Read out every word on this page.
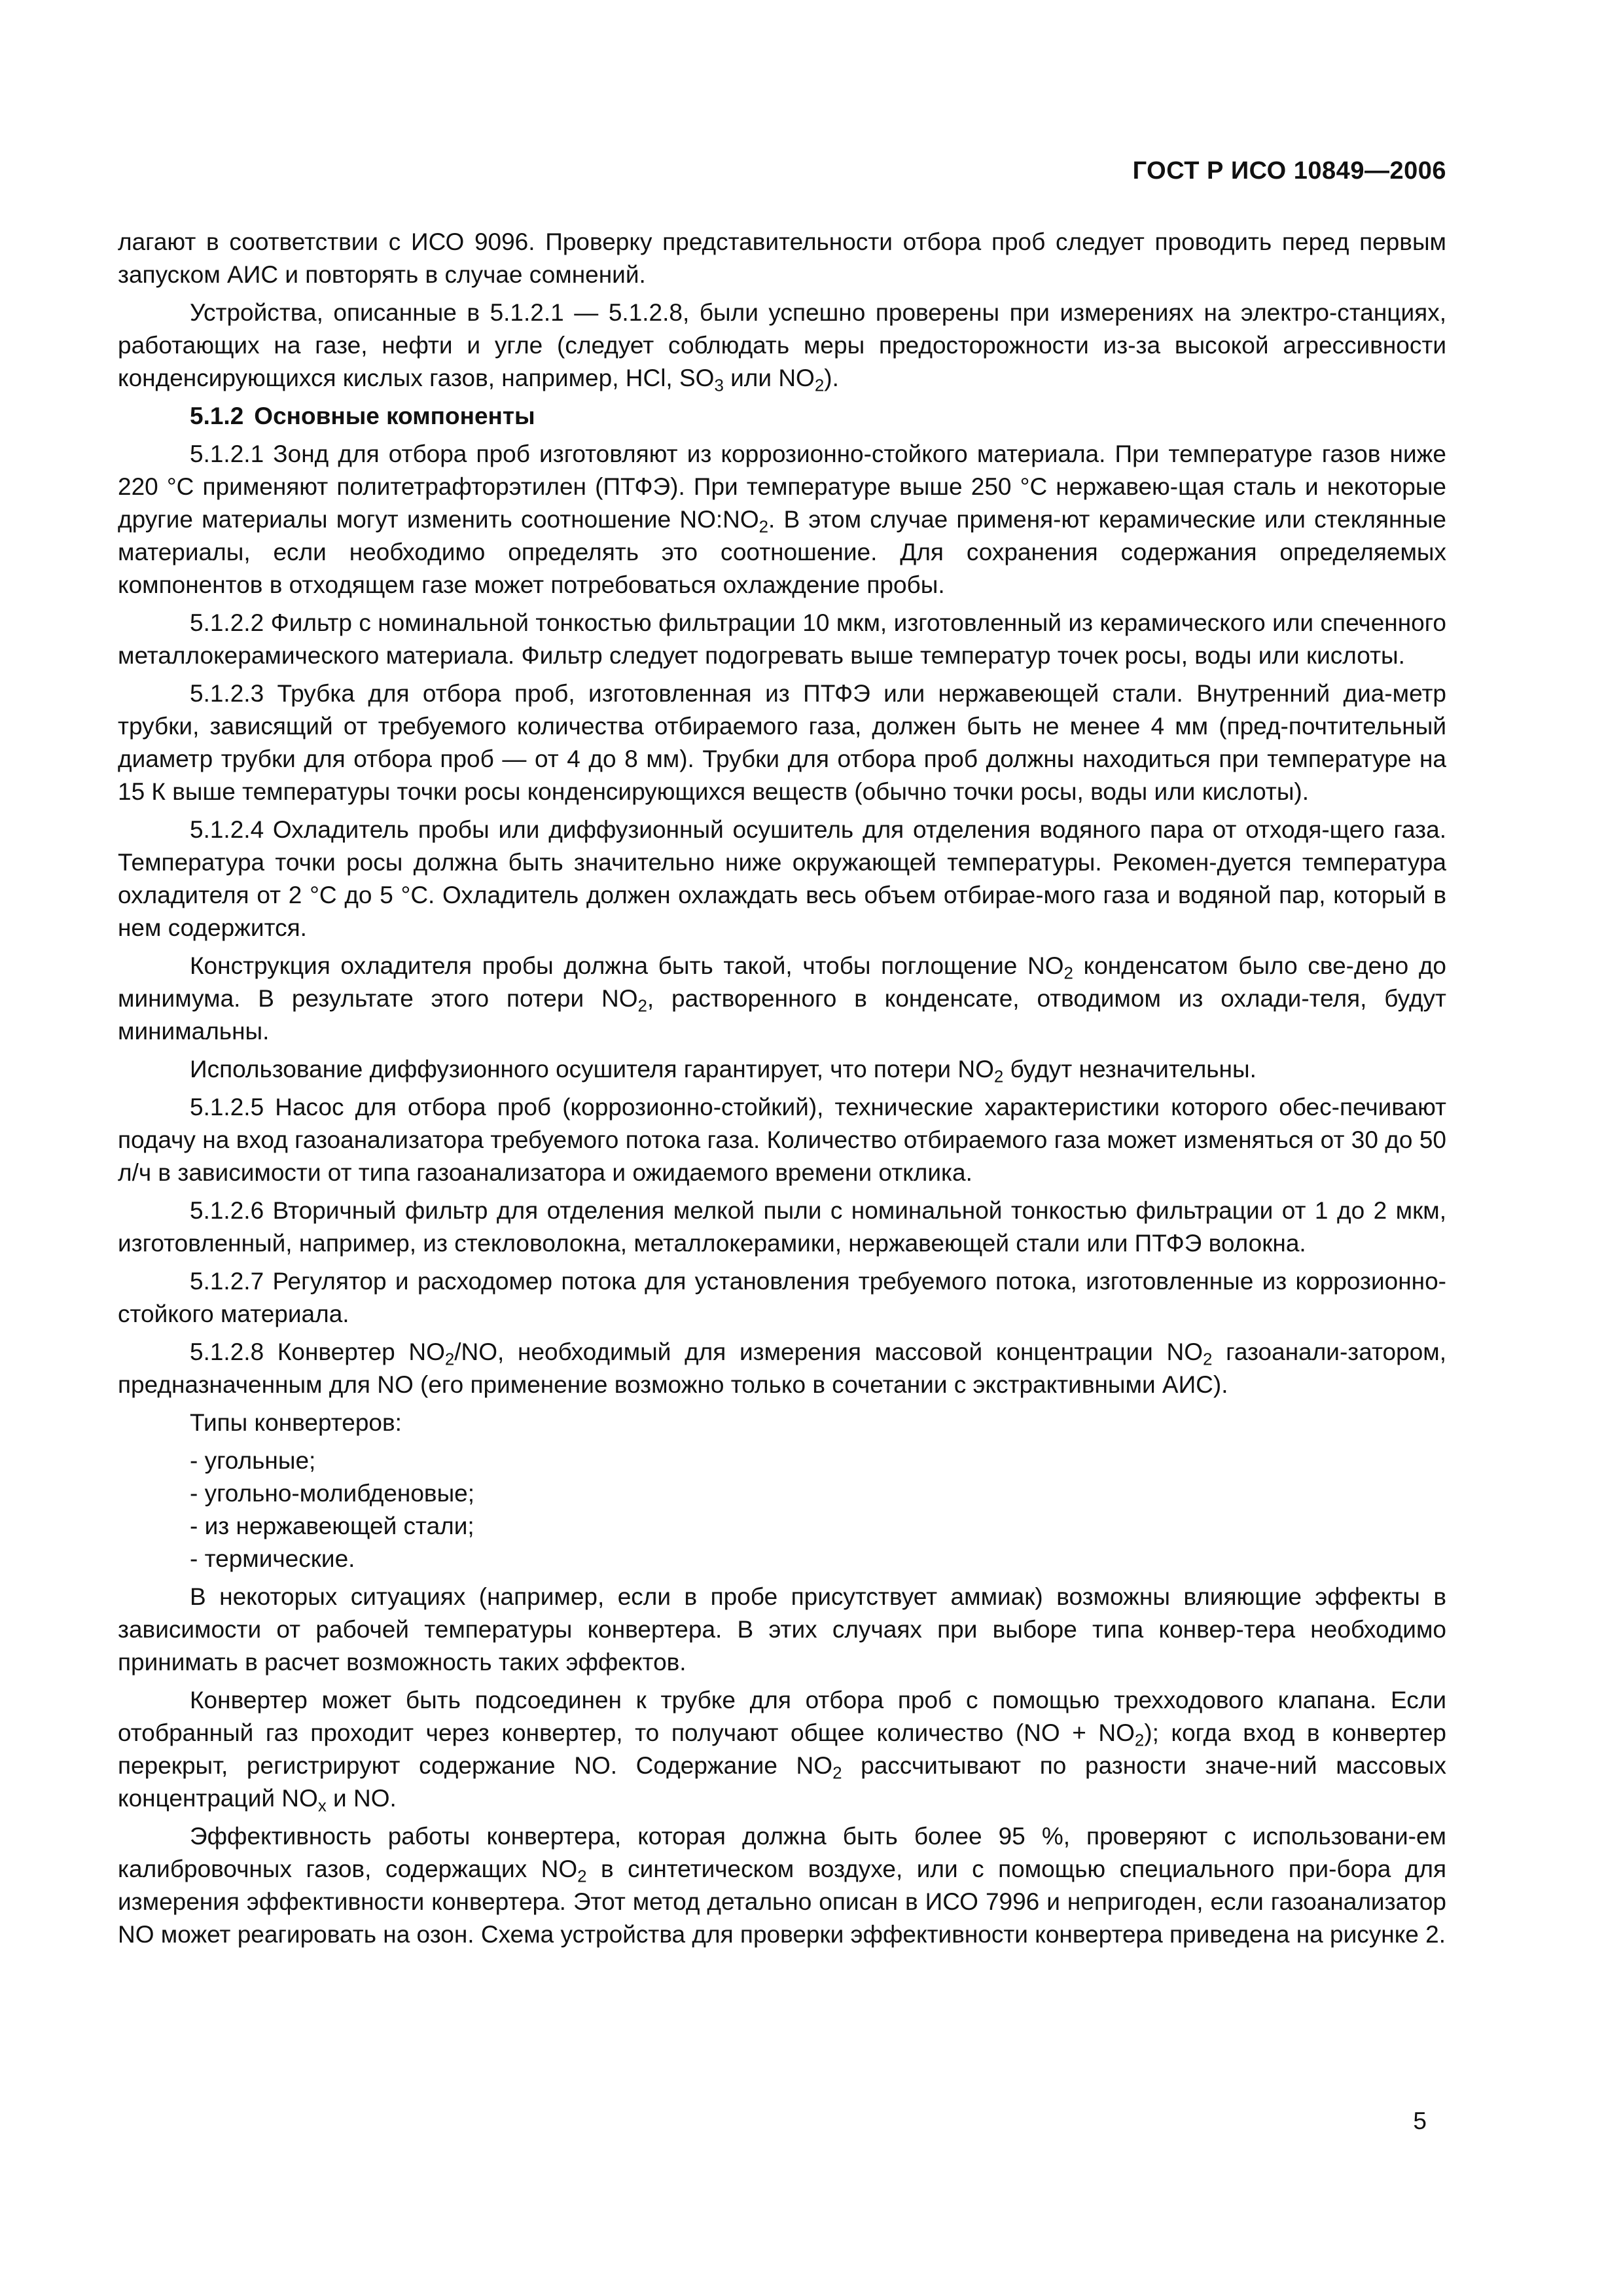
ГОСТ Р ИСО 10849—2006

лагают в соответствии с ИСО 9096. Проверку представительности отбора проб следует проводить перед первым запуском АИС и повторять в случае сомнений.

Устройства, описанные в 5.1.2.1 — 5.1.2.8, были успешно проверены при измерениях на электро-станциях, работающих на газе, нефти и угле (следует соблюдать меры предосторожности из-за высокой агрессивности конденсирующихся кислых газов, например, HCl, $SO_3$ или $NO_2$).

5.1.2 Основные компоненты

5.1.2.1 Зонд для отбора проб изготовляют из коррозионно-стойкого материала. При температуре газов ниже 220 °С применяют политетрафторэтилен (ПТФЭ). При температуре выше 250 °С нержавею-щая сталь и некоторые другие материалы могут изменить соотношение $NO:NO_2$. В этом случае применя-ют керамические или стеклянные материалы, если необходимо определять это соотношение. Для сохранения содержания определяемых компонентов в отходящем газе может потребоваться охлаждение пробы.

5.1.2.2 Фильтр с номинальной тонкостью фильтрации 10 мкм, изготовленный из керамического или спеченного металлокерамического материала. Фильтр следует подогревать выше температур точек росы, воды или кислоты.

5.1.2.3 Трубка для отбора проб, изготовленная из ПТФЭ или нержавеющей стали. Внутренний диа-метр трубки, зависящий от требуемого количества отбираемого газа, должен быть не менее 4 мм (пред-почтительный диаметр трубки для отбора проб — от 4 до 8 мм). Трубки для отбора проб должны находиться при температуре на 15 К выше температуры точки росы конденсирующихся веществ (обычно точки росы, воды или кислоты).

5.1.2.4 Охладитель пробы или диффузионный осушитель для отделения водяного пара от отходя-щего газа. Температура точки росы должна быть значительно ниже окружающей температуры. Рекомен-дуется температура охладителя от 2 °С до 5 °С. Охладитель должен охлаждать весь объем отбирае-мого газа и водяной пар, который в нем содержится.

Конструкция охладителя пробы должна быть такой, чтобы поглощение $NO_2$ конденсатом было све-дено до минимума. В результате этого потери $NO_2$, растворенного в конденсате, отводимом из охлади-теля, будут минимальны.

Использование диффузионного осушителя гарантирует, что потери $NO_2$ будут незначительны.

5.1.2.5 Насос для отбора проб (коррозионно-стойкий), технические характеристики которого обес-печивают подачу на вход газоанализатора требуемого потока газа. Количество отбираемого газа может изменяться от 30 до 50 л/ч в зависимости от типа газоанализатора и ожидаемого времени отклика.

5.1.2.6 Вторичный фильтр для отделения мелкой пыли с номинальной тонкостью фильтрации от 1 до 2 мкм, изготовленный, например, из стекловолокна, металлокерамики, нержавеющей стали или ПТФЭ волокна.

5.1.2.7 Регулятор и расходомер потока для установления требуемого потока, изготовленные из коррозионно-стойкого материала.

5.1.2.8 Конвертер $NO_2/NO$, необходимый для измерения массовой концентрации $NO_2$ газоанали-затором, предназначенным для NO (его применение возможно только в сочетании с экстрактивными АИС).

Типы конвертеров:

- угольные;
- угольно-молибденовые;
- из нержавеющей стали;
- термические.

В некоторых ситуациях (например, если в пробе присутствует аммиак) возможны влияющие эффекты в зависимости от рабочей температуры конвертера. В этих случаях при выборе типа конвер-тера необходимо принимать в расчет возможность таких эффектов.

Конвертер может быть подсоединен к трубке для отбора проб с помощью трехходового клапана. Если отобранный газ проходит через конвертер, то получают общее количество $(NO + NO_2)$; когда вход в конвертер перекрыт, регистрируют содержание NO. Содержание $NO_2$ рассчитывают по разности значе-ний массовых концентраций $NO_x$ и NO.

Эффективность работы конвертера, которая должна быть более 95 %, проверяют с использовани-ем калибровочных газов, содержащих $NO_2$ в синтетическом воздухе, или с помощью специального при-бора для измерения эффективности конвертера. Этот метод детально описан в ИСО 7996 и непригоден, если газоанализатор NO может реагировать на озон. Схема устройства для проверки эффективности конвертера приведена на рисунке 2.

5
